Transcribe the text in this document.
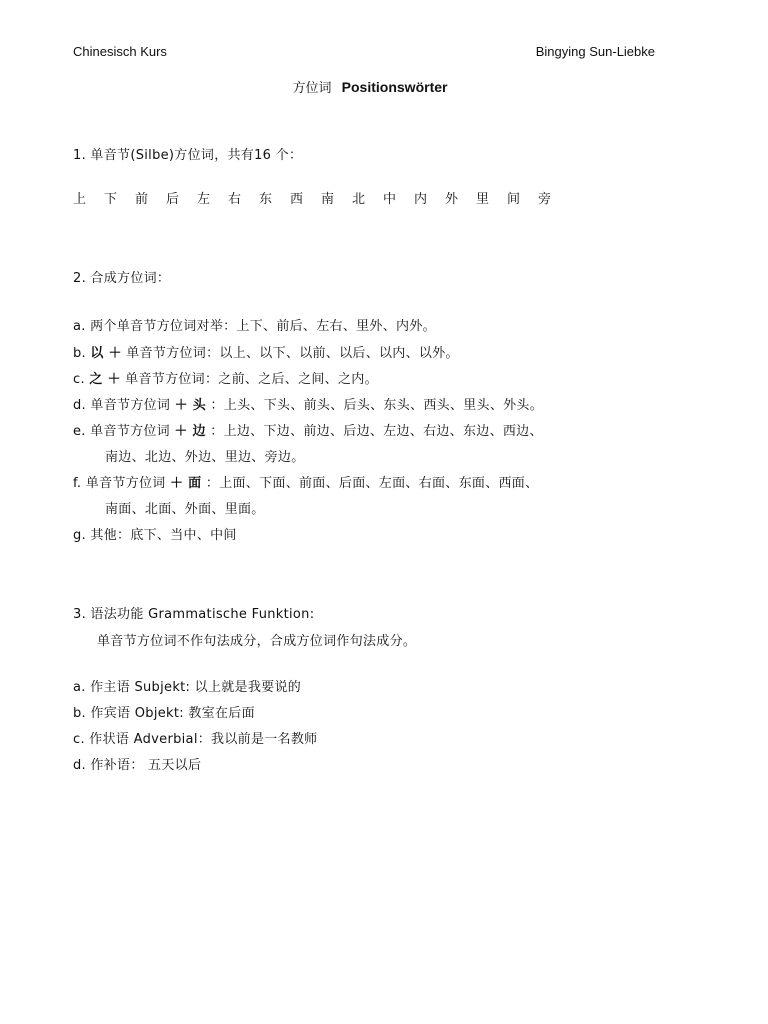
Chinesisch Kurs	Bingying Sun-Liebke
方位词 Positionswörter
1. 单音节(Silbe)方位词，共有16 个：
上	下	前	后	左	右	东	西	南	北	中	内	外	里	间	旁
2. 合成方位词：
a. 两个单音节方位词对举：上下、前后、左右、里外、内外。
b. 以 ＋ 单音节方位词：以上、以下、以前、以后、以内、以外。
c. 之 ＋ 单音节方位词：之前、之后、之间、之内。
d. 单音节方位词 ＋ 头 ：上头、下头、前头、后头、东头、西头、里头、外头。
e. 单音节方位词 ＋ 边 ：上边、下边、前边、后边、左边、右边、东边、西边、
南边、北边、外边、里边、旁边。
f. 单音节方位词 ＋ 面 ：上面、下面、前面、后面、左面、右面、东面、西面、
南面、北面、外面、里面。
g. 其他：底下、当中、中间
3. 语法功能 Grammatische Funktion:
单音节方位词不作句法成分，合成方位词作句法成分。
a. 作主语 Subjekt: 以上就是我要说的
b. 作宾语 Objekt: 教室在后面
c. 作状语 Adverbial：我以前是一名教师
d. 作补语： 五天以后
